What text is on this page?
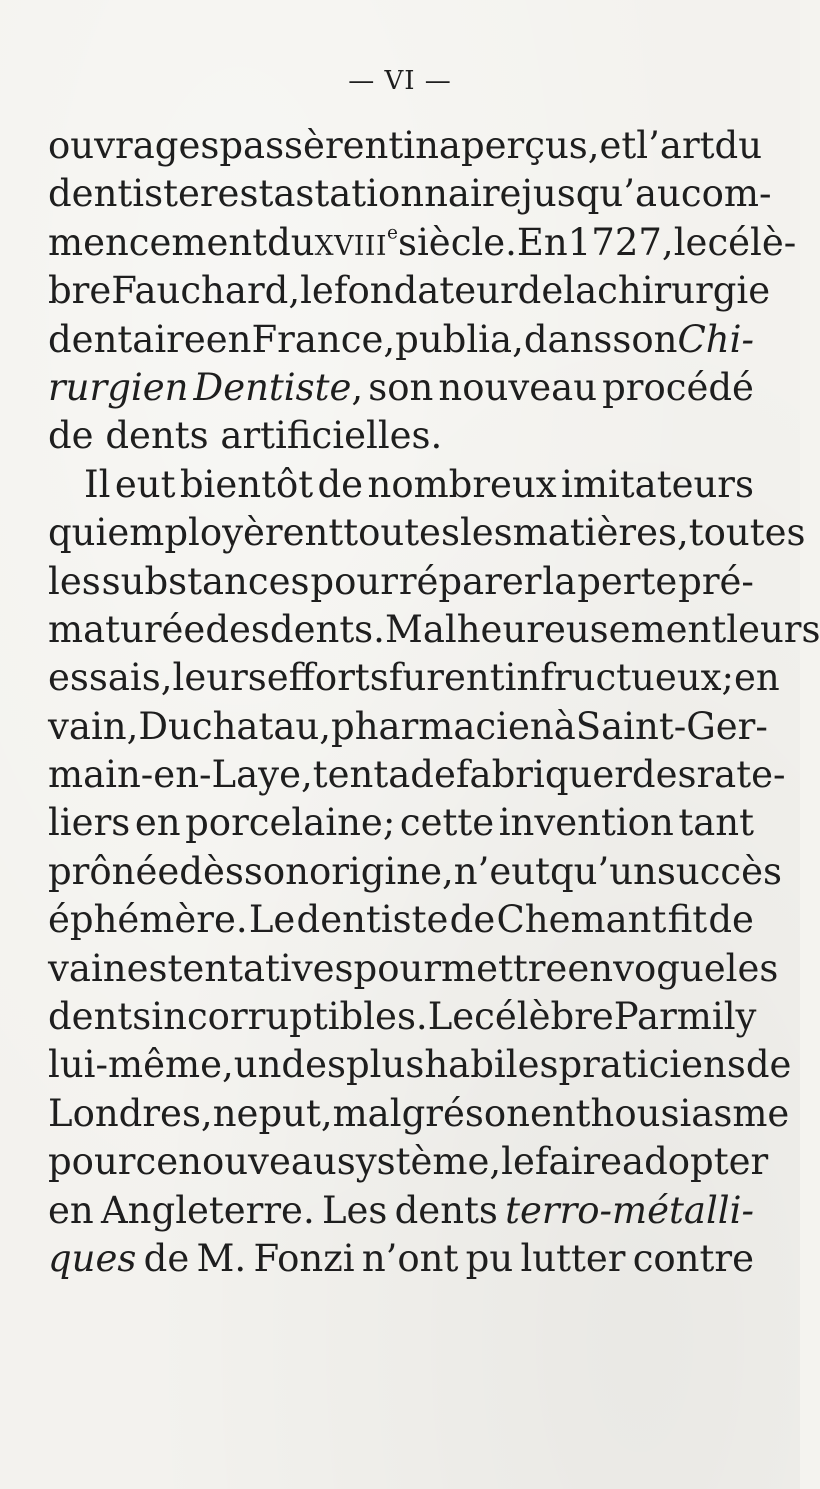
— VI —
ouvrages passèrent inaperçus, et l’art du
dentiste resta stationnaire jusqu’au com-
mencement du XVIIIe siècle. En 1727, le célè-
bre Fauchard, le fondateur de la chirurgie
dentaire en France, publia, dans son Chi-
rurgien Dentiste, son nouveau procédé
de
dents
artificielles.

Il eut bientôt de nombreux imitateurs
qui employèrent toutes les matières, toutes
les substances pour réparer la perte pré-
maturée des dents. Malheureusement leurs
essais, leurs efforts furent infructueux; en
vain, Duchatau, pharmacien à Saint-Ger-
main-en-Laye, tenta de fabriquer des rate-
liers en porcelaine; cette invention tant
prônée dès son origine, n’eut qu’un succès
éphémère. Le dentiste de Chemant fit de
vaines tentatives pour mettre en vogue les
dents incorruptibles. Le célèbre Parmily
lui-même, un des plus habiles praticiens de
Londres, ne put, malgré son enthousiasme
pour ce nouveau système, le faire adopter
en Angleterre. Les dents terro-métalli-
ques de M. Fonzi n’ont pu lutter contre
